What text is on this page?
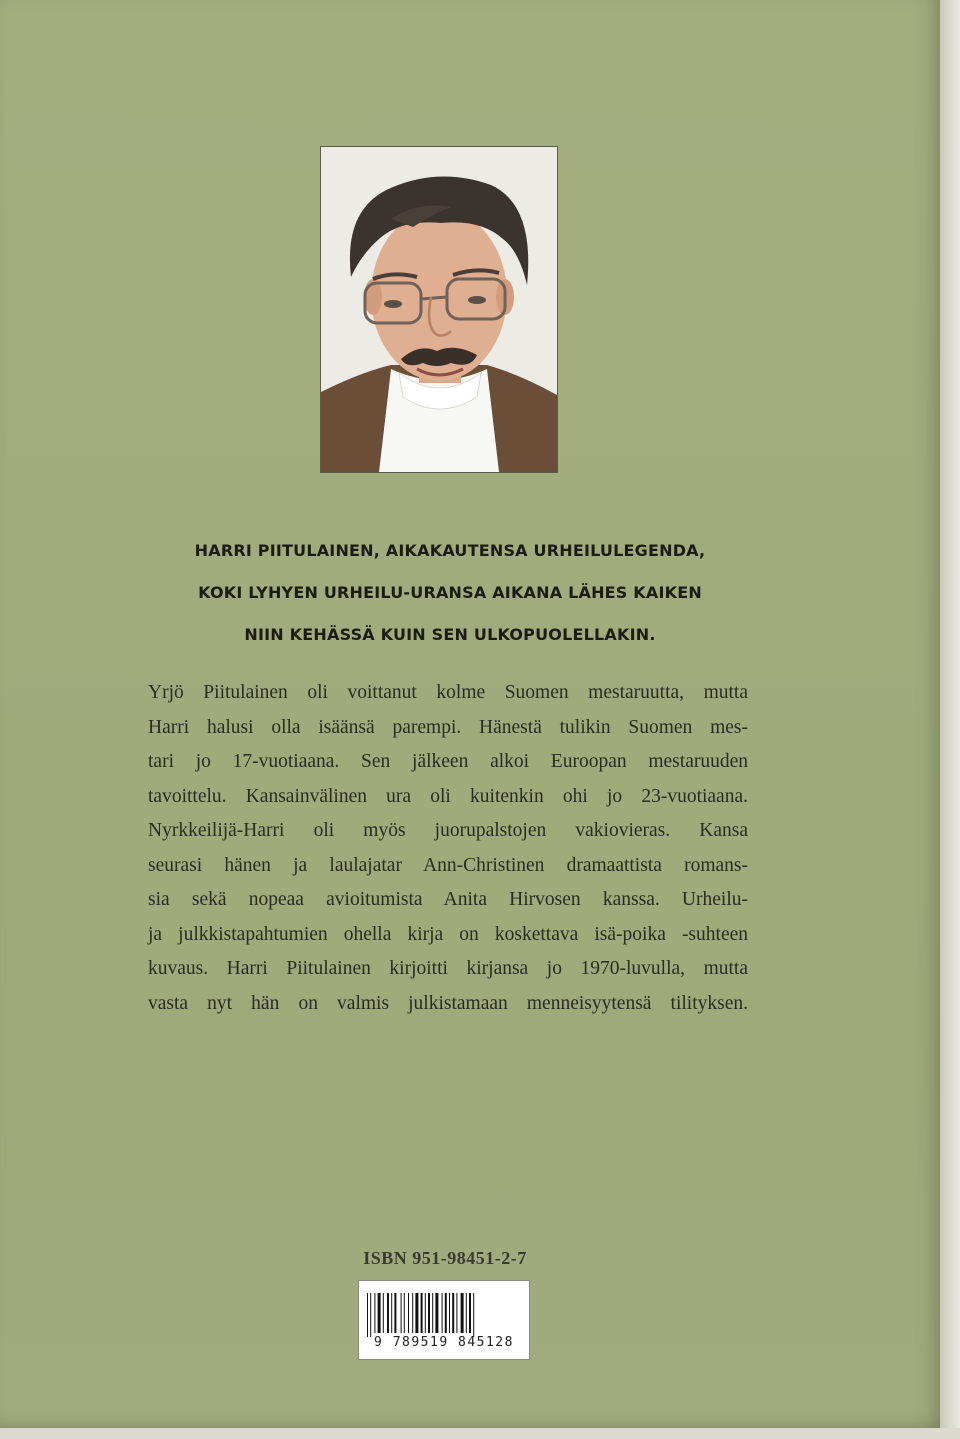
HARRI PIITULAINEN, AIKAKAUTENSA URHEILULEGENDA,
KOKI LYHYEN URHEILU-URANSA AIKANA LÄHES KAIKEN
NIIN KEHÄSSÄ KUIN SEN ULKOPUOLELLAKIN.
Yrjö Piitulainen oli voittanut kolme Suomen mestaruutta, mutta
Harri halusi olla isäänsä parempi. Hänestä tulikin Suomen mes-
tari jo 17-vuotiaana. Sen jälkeen alkoi Euroopan mestaruuden
tavoittelu. Kansainvälinen ura oli kuitenkin ohi jo 23-vuotiaana.
Nyrkkeilijä-Harri oli myös juorupalstojen vakiovieras. Kansa
seurasi hänen ja laulajatar Ann-Christinen dramaattista romans-
sia sekä nopeaa avioitumista Anita Hirvosen kanssa. Urheilu-
ja julkkistapahtumien ohella kirja on koskettava isä-poika -suhteen
kuvaus. Harri Piitulainen kirjoitti kirjansa jo 1970-luvulla, mutta
vasta nyt hän on valmis julkistamaan menneisyytensä tilityksen.
ISBN 951-98451-2-7
9 789519 845128
